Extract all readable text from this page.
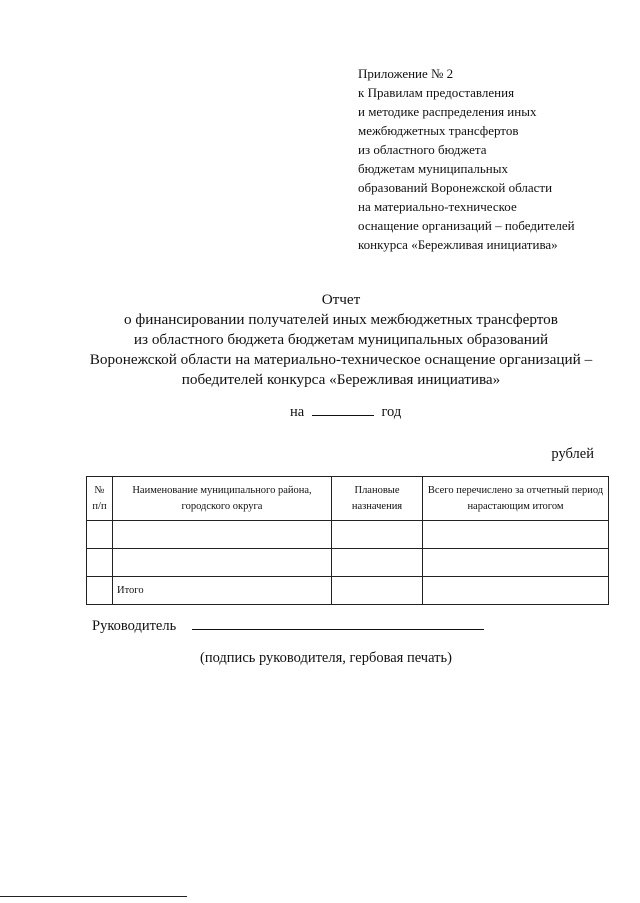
Приложение № 2
к Правилам предоставления
и методике распределения иных
межбюджетных трансфертов
из областного бюджета
бюджетам муниципальных
образований Воронежской области
на материально-техническое
оснащение организаций – победителей
конкурса «Бережливая инициатива»
Отчет
о финансировании получателей иных межбюджетных трансфертов
из областного бюджета бюджетам муниципальных образований
Воронежской области на материально-техническое оснащение организаций –
победителей конкурса «Бережливая инициатива»
на	год
рублей
№ п/п	Наименование муниципального района, городского округа	Плановые назначения	Всего перечислено за отчетный период нарастающим итогом

	Итого		
Руководитель
(подпись руководителя, гербовая печать)
